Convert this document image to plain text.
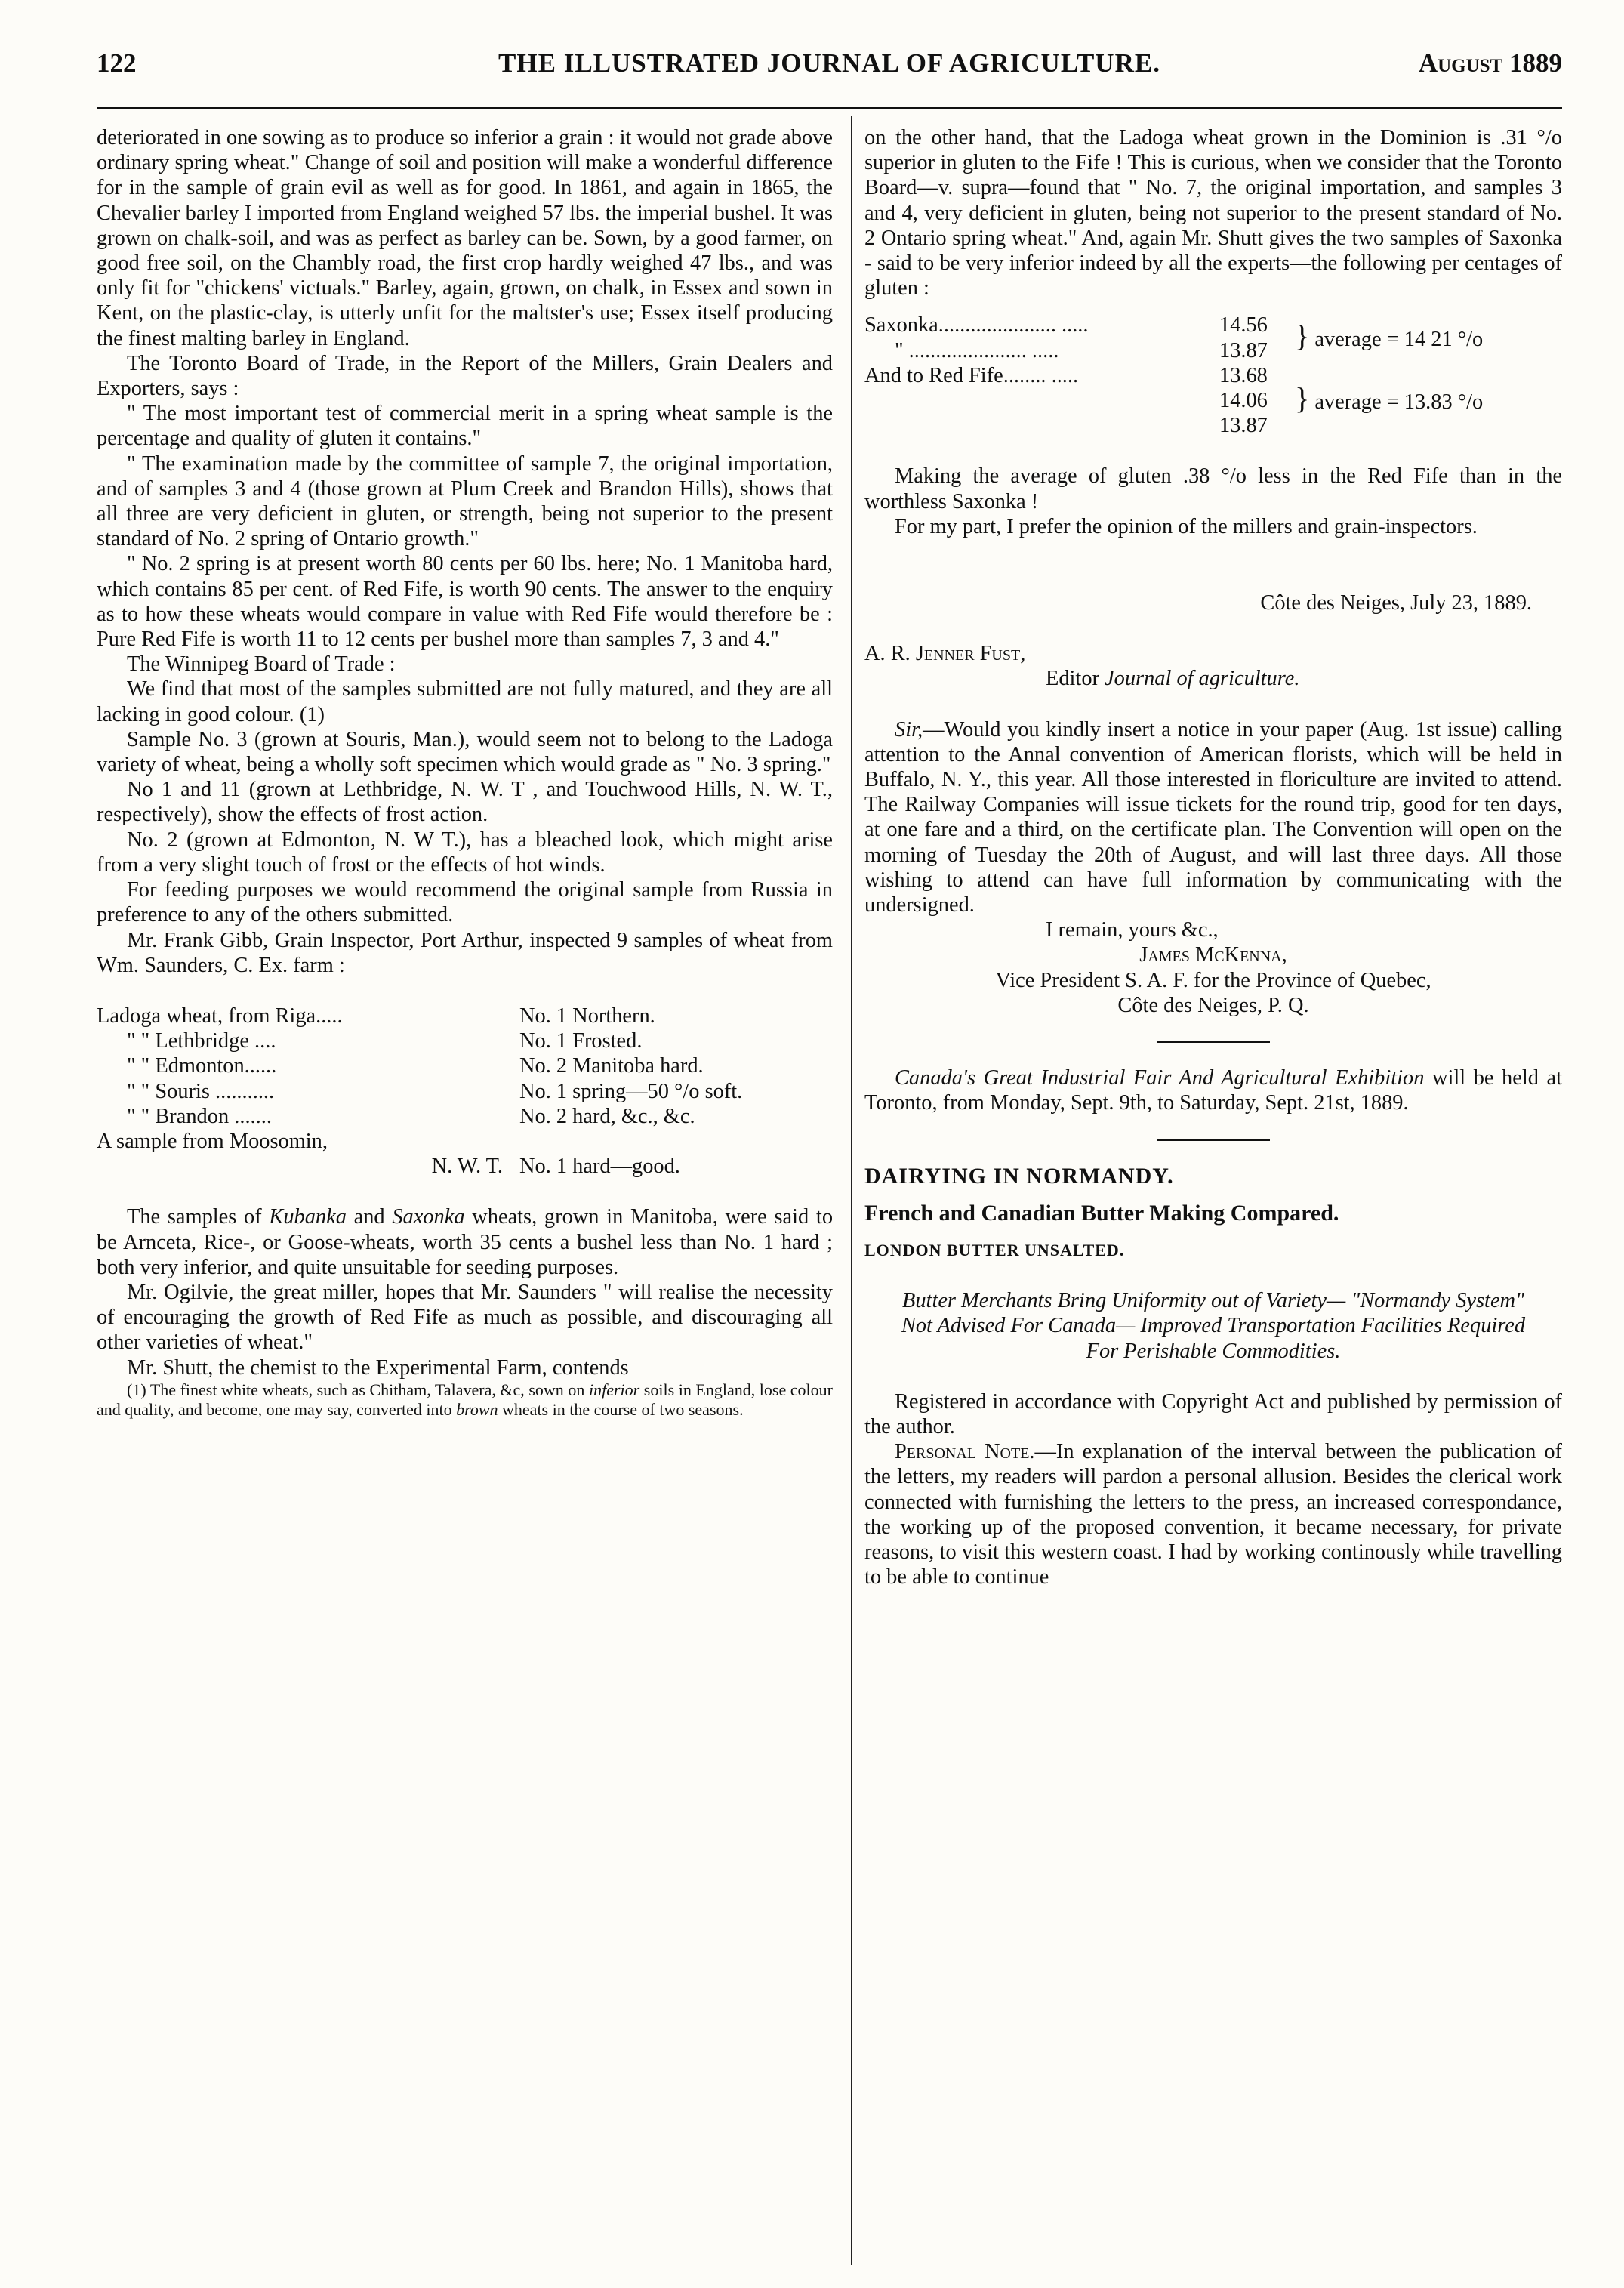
122	THE ILLUSTRATED JOURNAL OF AGRICULTURE.	August 1889

deteriorated in one sowing as to produce so inferior a grain : it would not grade above ordinary spring wheat." Change of soil and position will make a wonderful difference for in the sample of grain evil as well as for good. In 1861, and again in 1865, the Chevalier barley I imported from England weighed 57 lbs. the imperial bushel. It was grown on chalk-soil, and was as perfect as barley can be. Sown, by a good farmer, on good free soil, on the Chambly road, the first crop hardly weighed 47 lbs., and was only fit for "chickens' victuals." Barley, again, grown, on chalk, in Essex and sown in Kent, on the plastic-clay, is utterly unfit for the maltster's use; Essex itself producing the finest malting barley in England.

The Toronto Board of Trade, in the Report of the Millers, Grain Dealers and Exporters, says :

" The most important test of commercial merit in a spring wheat sample is the percentage and quality of gluten it contains."

" The examination made by the committee of sample 7, the original importation, and of samples 3 and 4 (those grown at Plum Creek and Brandon Hills), shows that all three are very deficient in gluten, or strength, being not superior to the present standard of No. 2 spring of Ontario growth."

" No. 2 spring is at present worth 80 cents per 60 lbs. here; No. 1 Manitoba hard, which contains 85 per cent. of Red Fife, is worth 90 cents. The answer to the enquiry as to how these wheats would compare in value with Red Fife would therefore be : Pure Red Fife is worth 11 to 12 cents per bushel more than samples 7, 3 and 4."

The Winnipeg Board of Trade :

We find that most of the samples submitted are not fully matured, and they are all lacking in good colour. (1)

Sample No. 3 (grown at Souris, Man.), would seem not to belong to the Ladoga variety of wheat, being a wholly soft specimen which would grade as " No. 3 spring."

No 1 and 11 (grown at Lethbridge, N. W. T , and Touchwood Hills, N. W. T., respectively), show the effects of frost action.

No. 2 (grown at Edmonton, N. W T.), has a bleached look, which might arise from a very slight touch of frost or the effects of hot winds.

For feeding purposes we would recommend the original sample from Russia in preference to any of the others submitted.

Mr. Frank Gibb, Grain Inspector, Port Arthur, inspected 9 samples of wheat from Wm. Saunders, C. Ex. farm :

Ladoga wheat, from Riga.....	No. 1 Northern.
" " Lethbridge ....	No. 1 Frosted.
" " Edmonton......	No. 2 Manitoba hard.
" " Souris ...........	No. 1 spring—50 °/o soft.
" " Brandon .......	No. 2 hard, &c., &c.
A sample from Moosomin,	
N. W. T.	No. 1 hard—good.

The samples of Kubanka and Saxonka wheats, grown in Manitoba, were said to be Arnceta, Rice-, or Goose-wheats, worth 35 cents a bushel less than No. 1 hard ; both very inferior, and quite unsuitable for seeding purposes.

Mr. Ogilvie, the great miller, hopes that Mr. Saunders " will realise the necessity of encouraging the growth of Red Fife as much as possible, and discouraging all other varieties of wheat."

Mr. Shutt, the chemist to the Experimental Farm, contends

(1) The finest white wheats, such as Chitham, Talavera, &c, sown on inferior soils in England, lose colour and quality, and become, one may say, converted into brown wheats in the course of two seasons.

on the other hand, that the Ladoga wheat grown in the Dominion is .31 °/o superior in gluten to the Fife ! This is curious, when we consider that the Toronto Board—v. supra—found that " No. 7, the original importation, and samples 3 and 4, very deficient in gluten, being not superior to the present standard of No. 2 Ontario spring wheat." And, again Mr. Shutt gives the two samples of Saxonka - said to be very inferior indeed by all the experts—the following per centages of gluten :

Saxonka...................... .....	14.56	} average = 14 21 °/o
" ...................... .....	13.87	
And to Red Fife........ .....	13.68	} average = 13.83 °/o
	14.06	
	13.87	

Making the average of gluten .38 °/o less in the Red Fife than in the worthless Saxonka !

For my part, I prefer the opinion of the millers and grain-inspectors.

Côte des Neiges, July 23, 1889.

A. R. Jenner Fust,

Editor Journal of agriculture.

Sir,—Would you kindly insert a notice in your paper (Aug. 1st issue) calling attention to the Annal convention of American florists, which will be held in Buffalo, N. Y., this year. All those interested in floriculture are invited to attend. The Railway Companies will issue tickets for the round trip, good for ten days, at one fare and a third, on the certificate plan. The Convention will open on the morning of Tuesday the 20th of August, and will last three days. All those wishing to attend can have full information by communicating with the undersigned.

I remain, yours &c.,

James McKenna,

Vice President S. A. F. for the Province of Quebec,

Côte des Neiges, P. Q.

Canada's Great Industrial Fair And Agricultural Exhibition will be held at Toronto, from Monday, Sept. 9th, to Saturday, Sept. 21st, 1889.

DAIRYING IN NORMANDY.

French and Canadian Butter Making Compared.

LONDON BUTTER UNSALTED.

Butter Merchants Bring Uniformity out of Variety— "Normandy System" Not Advised For Canada— Improved Transportation Facilities Required For Perishable Commodities.

Registered in accordance with Copyright Act and published by permission of the author.

Personal Note.—In explanation of the interval between the publication of the letters, my readers will pardon a personal allusion. Besides the clerical work connected with furnishing the letters to the press, an increased correspondance, the working up of the proposed convention, it became necessary, for private reasons, to visit this western coast. I had by working continously while travelling to be able to continue
